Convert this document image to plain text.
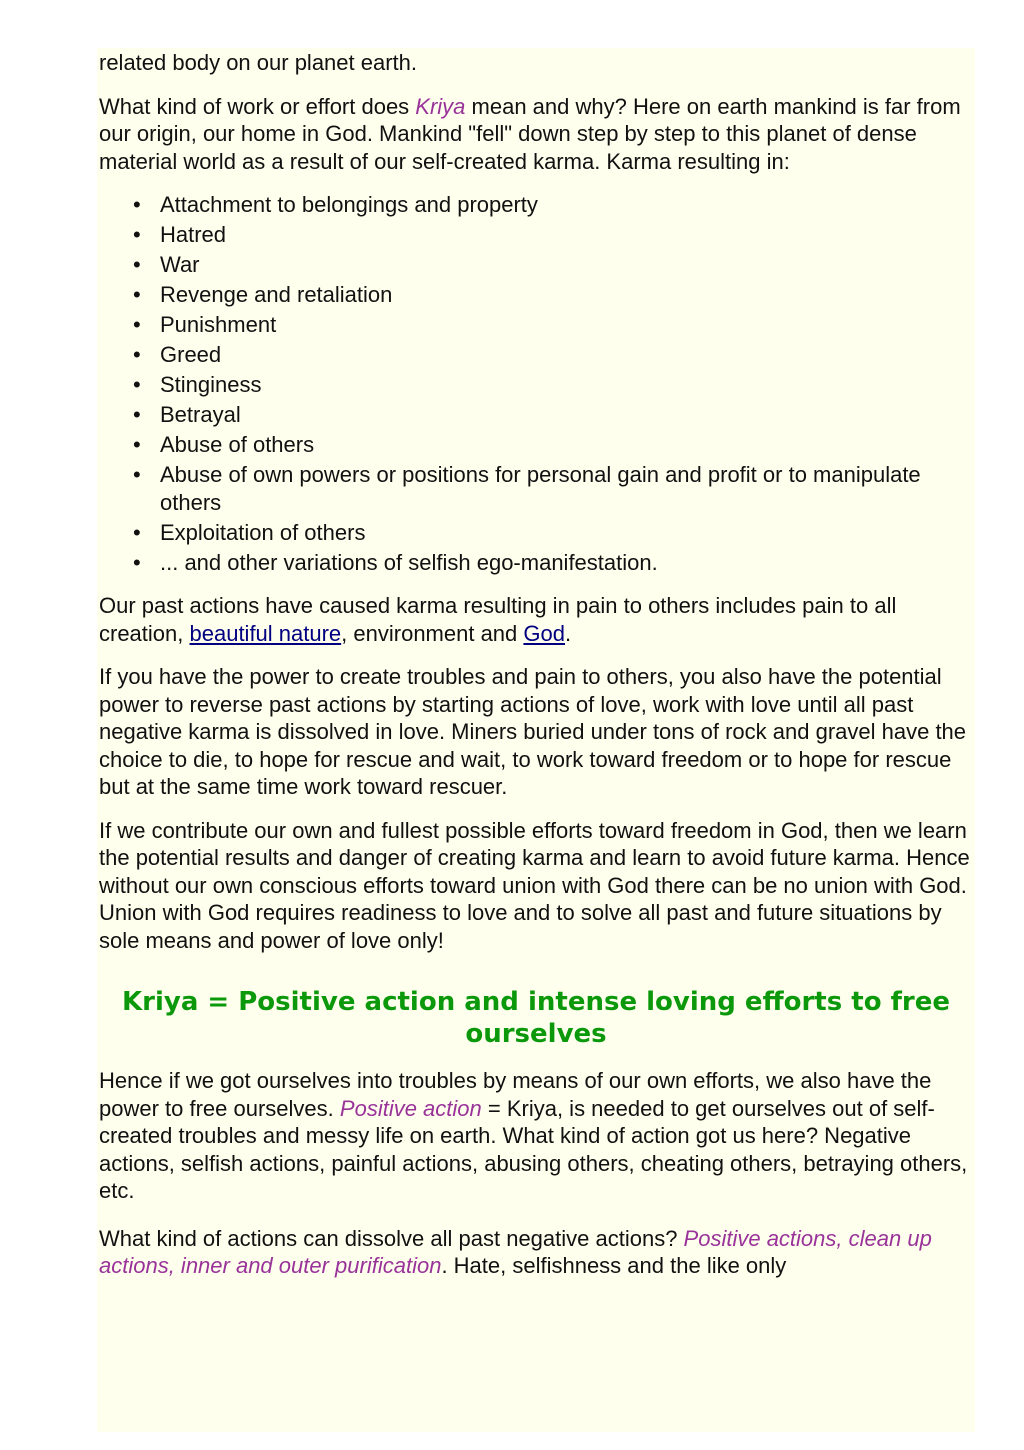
related body on our planet earth.

What kind of work or effort does Kriya mean and why? Here on earth mankind is far from our origin, our home in God. Mankind "fell" down step by step to this planet of dense material world as a result of our self-created karma. Karma resulting in:

• Attachment to belongings and property
• Hatred
• War
• Revenge and retaliation
• Punishment
• Greed
• Stinginess
• Betrayal
• Abuse of others
• Abuse of own powers or positions for personal gain and profit or to manipulate others
• Exploitation of others
• ... and other variations of selfish ego-manifestation.

Our past actions have caused karma resulting in pain to others includes pain to all creation, beautiful nature, environment and God.

If you have the power to create troubles and pain to others, you also have the potential power to reverse past actions by starting actions of love, work with love until all past negative karma is dissolved in love. Miners buried under tons of rock and gravel have the choice to die, to hope for rescue and wait, to work toward freedom or to hope for rescue but at the same time work toward rescuer.

If we contribute our own and fullest possible efforts toward freedom in God, then we learn the potential results and danger of creating karma and learn to avoid future karma. Hence without our own conscious efforts toward union with God there can be no union with God. Union with God requires readiness to love and to solve all past and future situations by sole means and power of love only!

Kriya = Positive action and intense loving efforts to free ourselves

Hence if we got ourselves into troubles by means of our own efforts, we also have the power to free ourselves. Positive action = Kriya, is needed to get ourselves out of self-created troubles and messy life on earth. What kind of action got us here? Negative actions, selfish actions, painful actions, abusing others, cheating others, betraying others, etc.

What kind of actions can dissolve all past negative actions? Positive actions, clean up actions, inner and outer purification. Hate, selfishness and the like only
